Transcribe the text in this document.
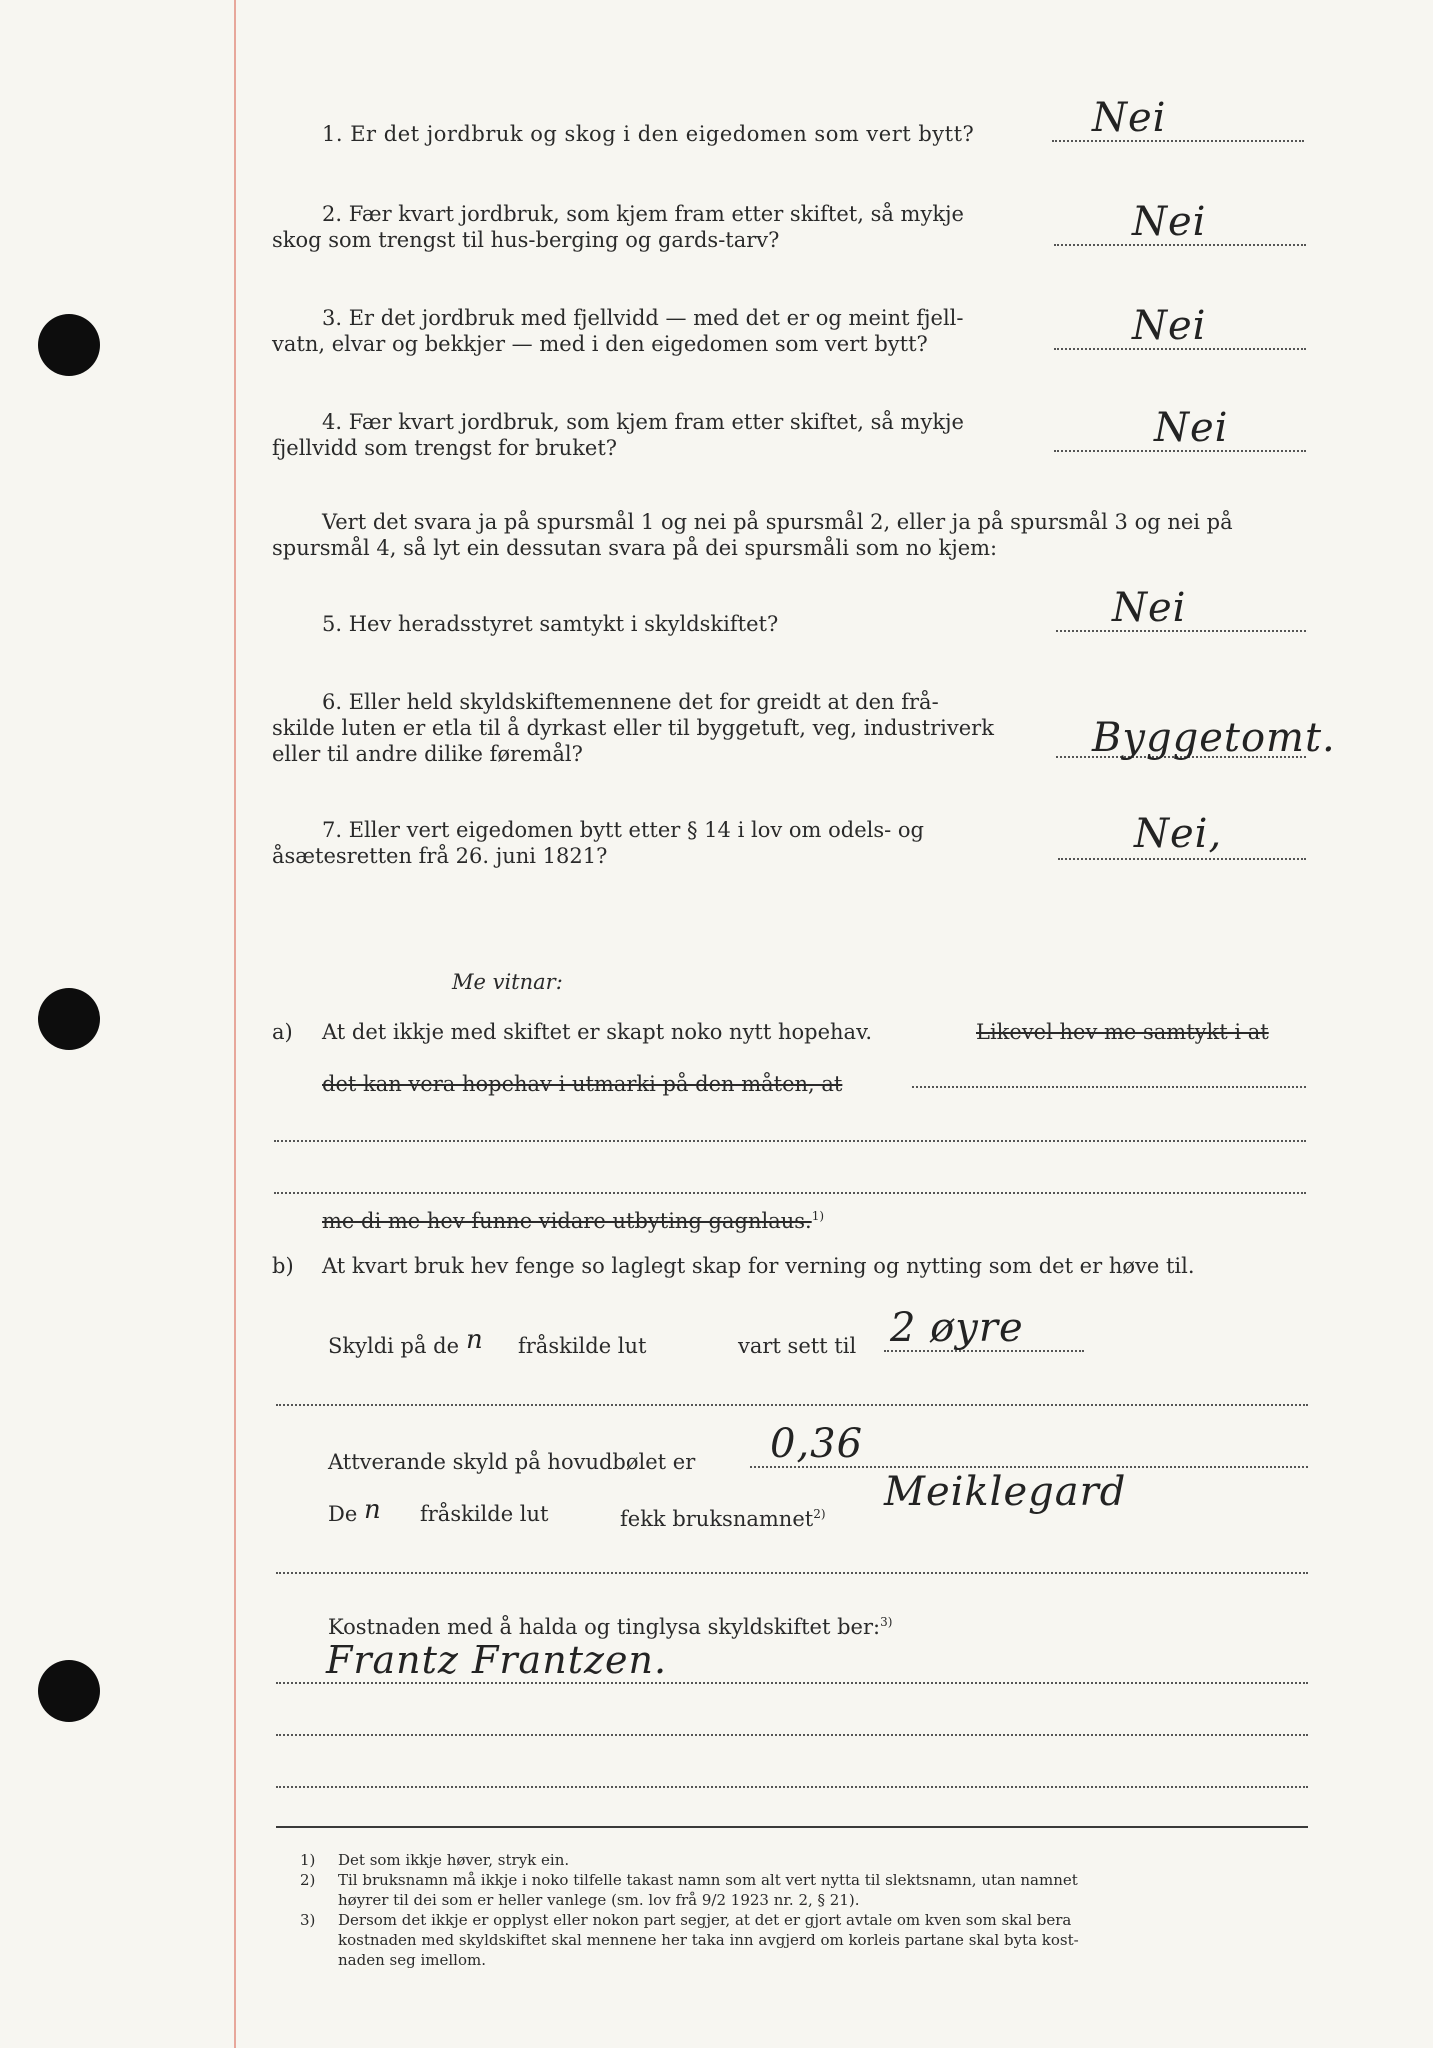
1. Er det jordbruk og skog i den eigedomen som vert bytt?	Nei
2. Fær kvart jordbruk, som kjem fram etter skiftet, så mykje
skog som trengst til hus‑berging og gards‑tarv?	Nei
3. Er det jordbruk med fjellvidd — med det er og meint fjell‑
vatn, elvar og bekkjer — med i den eigedomen som vert bytt?	Nei
4. Fær kvart jordbruk, som kjem fram etter skiftet, så mykje
fjellvidd som trengst for bruket?	Nei
Vert det svara ja på spursmål 1 og nei på spursmål 2, eller ja på spursmål 3 og nei på
spursmål 4, så lyt ein dessutan svara på dei spursmåli som no kjem:
5. Hev heradsstyret samtykt i skyldskiftet?	Nei
6. Eller held skyldskiftemennene det for greidt at den frå‑
skilde luten er etla til å dyrkast eller til byggetuft, veg, industriverk
eller til andre dilike føremål?	Byggetomt.
7. Eller vert eigedomen bytt etter § 14 i lov om odels‑ og
åsætesretten frå 26. juni 1821?	Nei,
Me vitnar:
a) At det ikkje med skiftet er skapt noko nytt hopehav.	Likevel hev me samtykt i at
det kan vera hopehav i utmarki på den måten, at
me di me hev funne vidare utbyting gagnlaus.$^{1)}$
b) At kvart bruk hev fenge so laglegt skap for verning og nytting som det er høve til.
Skyldi på de n fråskilde lut	vart sett til 2 øyre
Attverande skyld på hovudbølet er 0,36
De n fråskilde lut	fekk bruksnamnet$^{2)}$ Meiklegard
Kostnaden med å halda og tinglysa skyldskiftet ber:$^{3)}$
Frantz Frantzen.
1) Det som ikkje høver, stryk ein.
2) Til bruksnamn må ikkje i noko tilfelle takast namn som alt vert nytta til slektsnamn, utan namnet
høyrer til dei som er heller vanlege (sm. lov frå 9/2 1923 nr. 2, § 21).
3) Dersom det ikkje er opplyst eller nokon part segjer, at det er gjort avtale om kven som skal bera
kostnaden med skyldskiftet skal mennene her taka inn avgjerd om korleis partane skal byta kost-
naden seg imellom.
